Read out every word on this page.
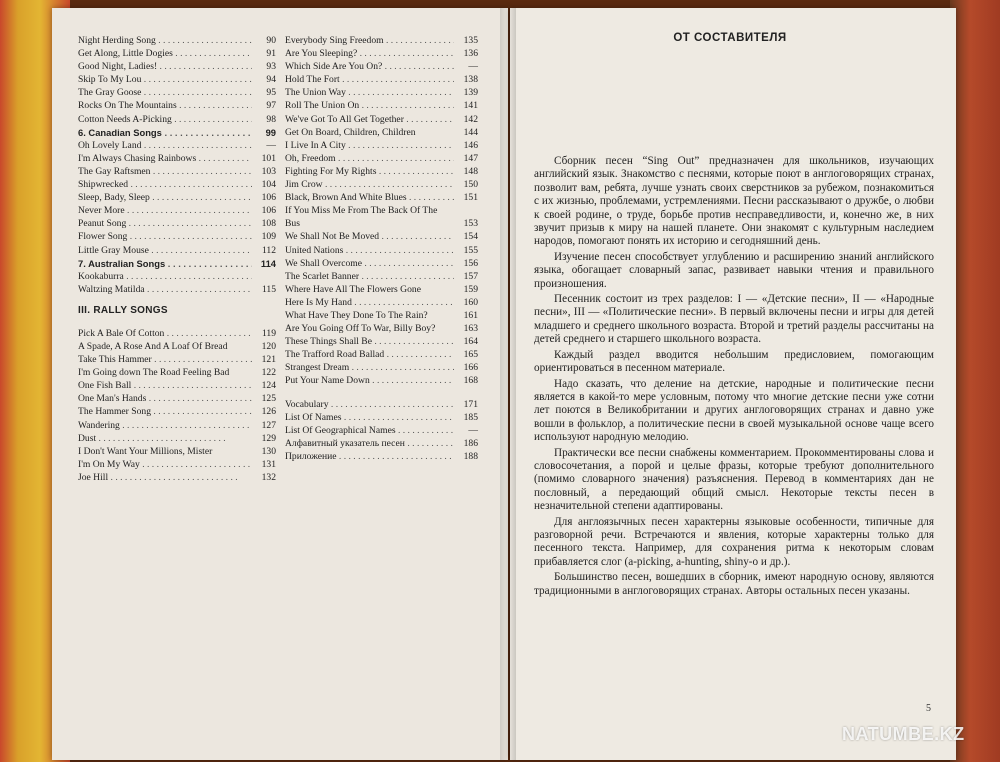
Night Herding Song . . .	90
Get Along, Little Dogies . . .	91
Good Night, Ladies! . . .	93
Skip To My Lou . . .	94
The Gray Goose . . .	95
Rocks On The Mountains . . .	97
Cotton Needs A-Picking . . .	98
6. Canadian Songs . . .	99
Oh Lovely Land . . .	—
I'm Always Chasing Rainbows . . .	101
The Gay Raftsmen . . .	103
Shipwrecked . . .	104
Sleep, Bady, Sleep . . .	106
Never More . . .	106
Peanut Song . . .	108
Flower Song . . .	109
Little Gray Mouse . . .	112
7. Australian Songs . . .	114
Kookaburra . . .
Waltzing Matilda . . .	115
III. RALLY SONGS
Pick A Bale Of Cotton . . .	119
A Spade, A Rose And A Loaf Of Bread	120
Take This Hammer . . .	121
I'm Going down The Road Feeling Bad	122
One Fish Ball . . .	124
One Man's Hands . . .	125
The Hammer Song . . .	126
Wandering . . .	127
Dust . . .	129
I Don't Want Your Millions, Mister	130
I'm On My Way . . .	131
Joe Hill . . .	132
Everybody Sing Freedom . . .	135
Are You Sleeping? . . .	136
Which Side Are You On? . . .	—
Hold The Fort . . .	138
The Union Way . . .	139
Roll The Union On . . .	141
We've Got To All Get Together . . .	142
Get On Board, Children, Children	144
I Live In A City . . .	146
Oh, Freedom . . .	147
Fighting For My Rights . . .	148
Jim Crow . . .	150
Black, Brown And White Blues . . .	151
If You Miss Me From The Back Of The Bus	153
We Shall Not Be Moved . . .	154
United Nations . . .	155
We Shall Overcome . . .	156
The Scarlet Banner . . .	157
Where Have All The Flowers Gone	159
Here Is My Hand . . .	160
What Have They Done To The Rain?	161
Are You Going Off To War, Billy Boy?	163
These Things Shall Be . . .	164
The Trafford Road Ballad . . .	165
Strangest Dream . . .	166
Put Your Name Down . . .	168
Vocabulary . . .	171
List Of Names . . .	185
List Of Geographical Names . . .	—
Алфавитный указатель песен . . .	186
Приложение . . .	188
ОТ СОСТАВИТЕЛЯ

Сборник песен “Sing Out” предназначен для школьников, изучающих английский язык. Знакомство с песнями, которые поют в англоговорящих странах, позволит вам, ребята, лучше узнать своих сверстников за рубежом, познакомиться с их жизнью, проблемами, устремлениями. Песни рассказывают о дружбе, о любви к своей родине, о труде, борьбе против несправедливости, и, конечно же, в них звучит призыв к миру на нашей планете. Они знакомят с культурным наследием народов, помогают понять их историю и сегодняшний день.

Изучение песен способствует углублению и расширению знаний английского языка, обогащает словарный запас, развивает навыки чтения и правильного произношения.

Песенник состоит из трех разделов: I — «Детские песни», II — «Народные песни», III — «Политические песни». В первый включены песни и игры для детей младшего и среднего школьного возраста. Второй и третий разделы рассчитаны на детей среднего и старшего школьного возраста.

Каждый раздел вводится небольшим предисловием, помогающим ориентироваться в песенном материале.

Надо сказать, что деление на детские, народные и политические песни является в какой-то мере условным, потому что многие детские песни уже сотни лет поются в Великобритании и других англоговорящих странах и давно уже вошли в фольклор, а политические песни в своей музыкальной основе чаще всего используют народную мелодию.

Практически все песни снабжены комментарием. Прокомментированы слова и словосочетания, а порой и целые фразы, которые требуют дополнительного (помимо словарного значения) разъяснения. Перевод в комментариях дан не пословный, а передающий общий смысл. Некоторые тексты песен в незначительной степени адаптированы.

Для англоязычных песен характерны языковые особенности, типичные для разговорной речи. Встречаются и явления, которые характерны только для песенного текста. Например, для сохранения ритма к некоторым словам прибавляется слог (a-picking, a-hunting, shiny-o и др.).

Большинство песен, вошедших в сборник, имеют народную основу, являются традиционными в англоговорящих странах. Авторы остальных песен указаны.

5
NATUMBE.KZ
